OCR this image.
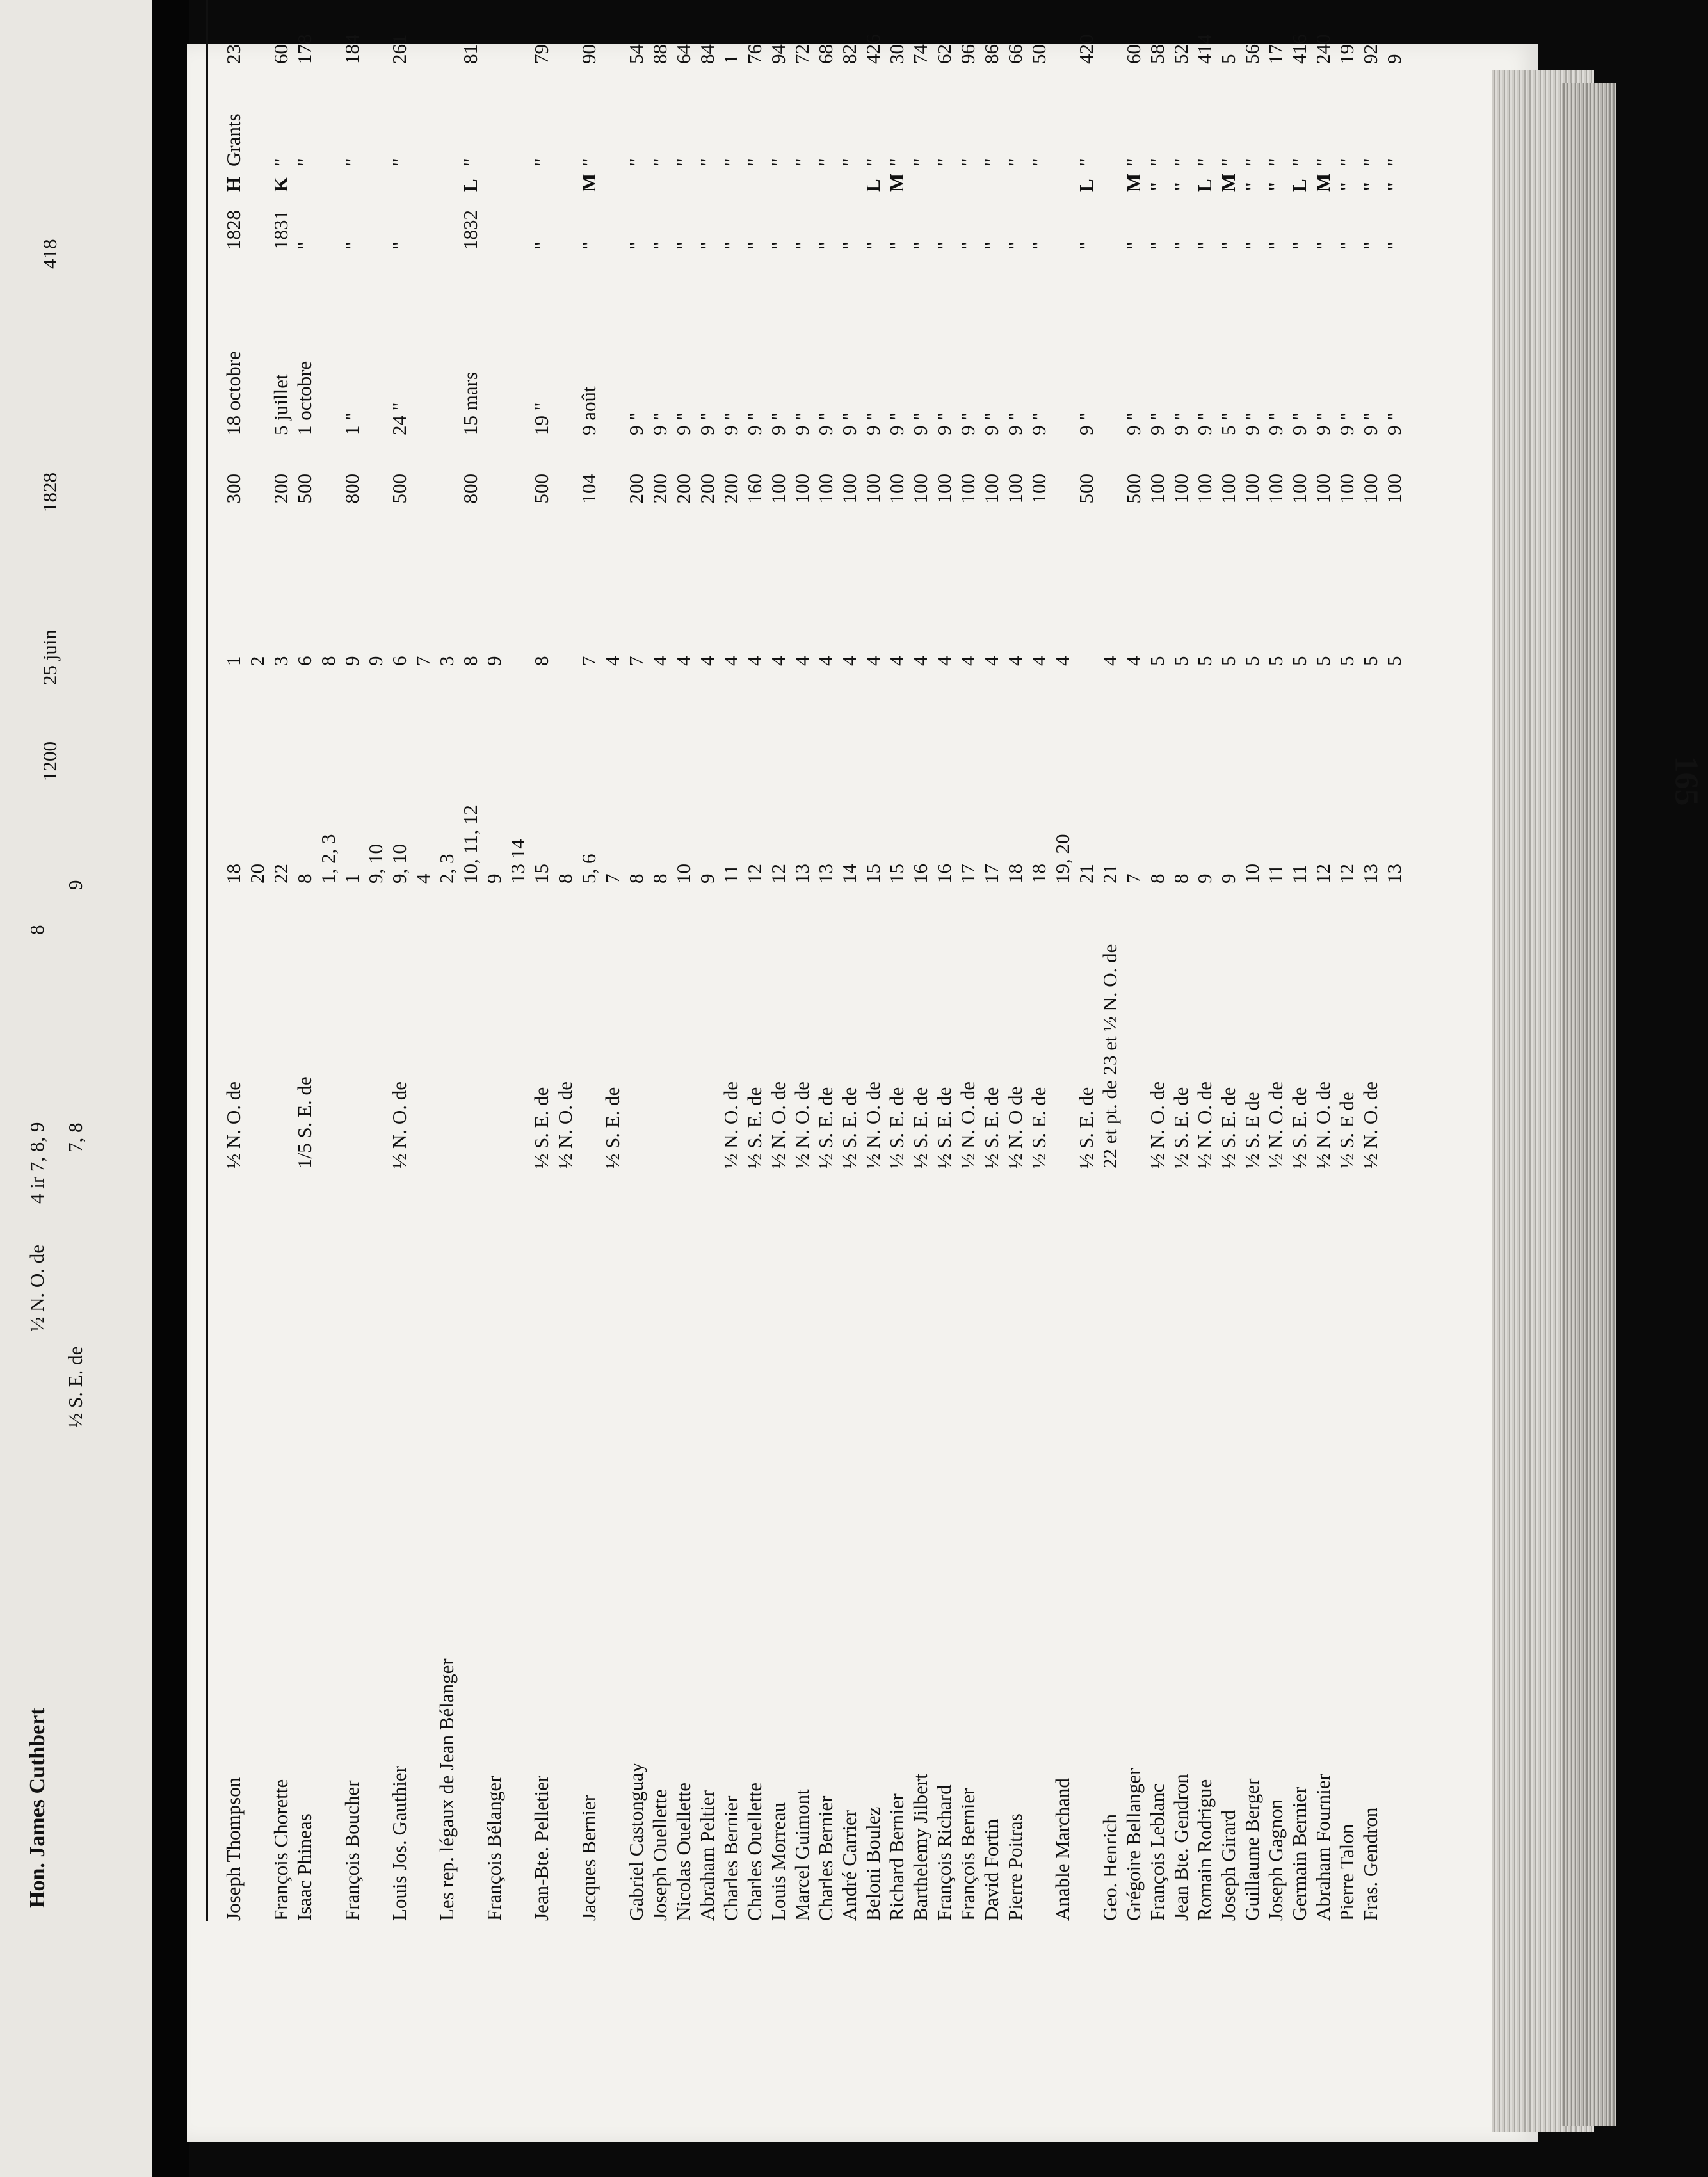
Hon. James Cuthbert
½ S. E. de
½ N. O. de
4 ir 7, 8, 9 7, 8
8
9
1200
25 juin
1828
418
Joseph Thompson
½ N. O. de
18
1
300
18 octobre
1828
H
Grants
23
20
2
François Chorette
22
3
200
5 juillet
1831
K
"
60
Isaac Phineas
1/5 S. E. de
8
6
500
1 octobre
"
"
178
1, 2, 3
8
François Boucher
1
9
800
1 "
"
"
184
9, 10
9
Louis Jos. Gauthier
½ N. O. de
9, 10
6
500
24 "
"
"
261
4
7
Les rep. légaux de Jean Bélanger
2, 3
3
10, 11, 12
8
800
15 mars
1832
L
"
81
François Bélanger
9
9
13 14
Jean-Bte. Pelletier
½ S. E. de
15
8
500
19 "
"
"
79
½ N. O. de
8
Jacques Bernier
5, 6
7
104
9 août
"
M
"
90
½ S. E. de
7
4
Gabriel Castonguay
8
7
200
9 "
"
"
54
Joseph Ouellette
8
4
200
9 "
"
"
88
Nicolas Ouellette
10
4
200
9 "
"
"
64
Abraham Peltier
9
4
200
9 "
"
"
84
Charles Bernier
½ N. O. de
11
4
200
9 "
"
"
1
Charles Ouellette
½ S. E. de
12
4
160
9 "
"
"
76
Louis Morreau
½ N. O. de
12
4
100
9 "
"
"
94
Marcel Guimont
½ N. O. de
13
4
100
9 "
"
"
72
Charles Bernier
½ S. E. de
13
4
100
9 "
"
"
68
André Carrier
½ S. E. de
14
4
100
9 "
"
"
82
Beloni Boulez
½ N. O. de
15
4
100
9 "
"
L
"
426
Richard Bernier
½ S. E. de
15
4
100
9 "
"
M
"
30
Barthelemy Jilbert
½ S. E. de
16
4
100
9 "
"
"
74
François Richard
½ S. E. de
16
4
100
9 "
"
"
62
François Bernier
½ N. O. de
17
4
100
9 "
"
"
96
David Fortin
½ S. E. de
17
4
100
9 "
"
"
86
Pierre Poitras
½ N. O de
18
4
100
9 "
"
"
66
½ S. E. de
18
4
100
9 "
"
"
50
Anable Marchand
19, 20
4
½ S. E. de
21
500
9 "
"
L
"
420
Geo. Henrich
22 et pt. de 23 et ½ N. O. de
21
4
Grégoire Bellanger
7
4
500
9 "
"
M
"
60
François Leblanc
½ N. O. de
8
5
100
9 "
"
"
"
58
Jean Bte. Gendron
½ S. E. de
8
5
100
9 "
"
"
"
52
Romain Rodrigue
½ N. O. de
9
5
100
9 "
"
L
"
414
Joseph Girard
½ S. E. de
9
5
100
5 "
"
M
"
5
Guillaume Berger
½ S. E de
10
5
100
9 "
"
"
"
56
Joseph Gagnon
½ N. O. de
11
5
100
9 "
"
"
"
17
Germain Bernier
½ S. E. de
11
5
100
9 "
"
L
"
416
Abraham Fournier
½ N. O. de
12
5
100
9 "
"
M
"
240
Pierre Talon
½ S. E de
12
5
100
9 "
"
"
"
19
Fras. Gendron
½ N. O. de
13
5
100
9 "
"
"
"
92
13
5
100
9 "
"
"
"
9
165
